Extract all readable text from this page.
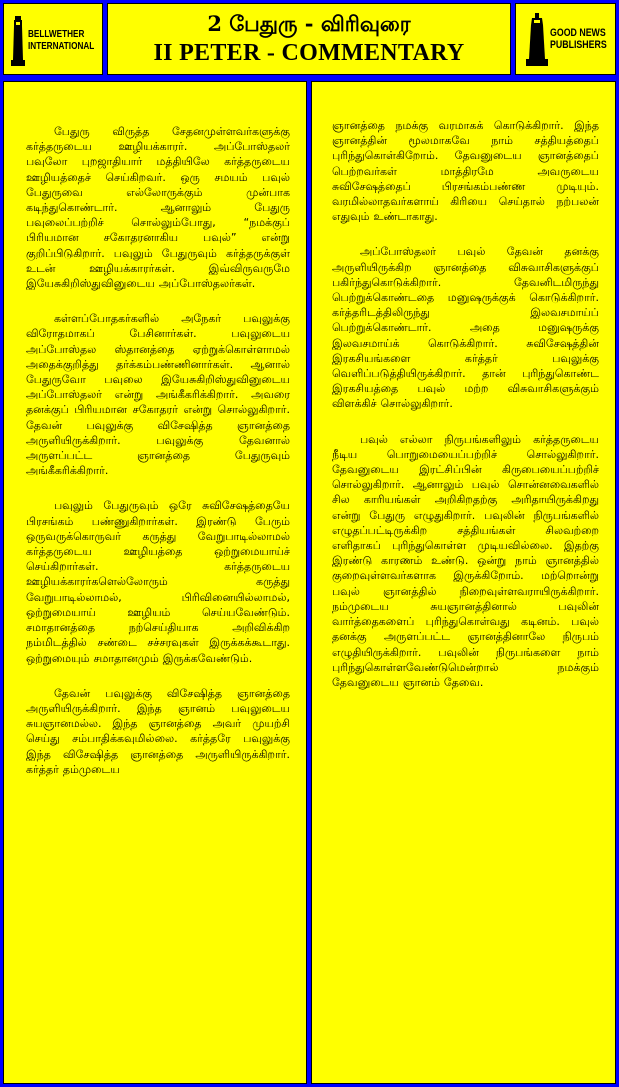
BELLWETHER
INTERNATIONAL
2 பேதுரு - விரிவுரை
II PETER - COMMENTARY
GOOD NEWS
PUBLISHERS

பேதுரு விருத்த சேதனமுள்ளவர்களுக்கு கர்த்தருடைய ஊழியக்காரர். அப்போஸ்தலர் பவுலோ புறஜாதியார் மத்தியிலே கர்த்தருடைய ஊழியத்தைச் செய்கிறவர். ஒரு சமயம் பவுல் பேதுருவை எல்லோருக்கும் முன்பாக கடிந்துகொண்டார். ஆனாலும் பேதுரு பவுலைப்பற்றிச் சொல்லும்போது, “நமக்குப் பிரியமான சகோதரனாகிய பவுல்” என்று குறிப்பிடுகிறார். பவுலும் பேதுருவும் கர்த்தருக்குள் உடன் ஊழியக்காரர்கள். இவ்விருவருமே இயேசுகிறிஸ்துவினுடைய அப்போஸ்தலர்கள்.

கள்ளப்போதகர்களில் அநேகர் பவுலுக்கு விரோதமாகப் பேசினார்கள். பவுலுடைய அப்போஸ்தல ஸ்தானத்தை ஏற்றுக்கொள்ளாமல் அதைக்குறித்து தர்க்கம்பண்ணினார்கள். ஆனால் பேதுருவோ பவுலை இயேசுகிறிஸ்துவினுடைய அப்போஸ்தலர் என்று அங்கீகரிக்கிறார். அவரை தனக்குப் பிரியமான சகோதரர் என்று சொல்லுகிறார். தேவன் பவுலுக்கு விசேஷித்த ஞானத்தை அருளியிருக்கிறார். பவுலுக்கு தேவனால் அருளப்பட்ட ஞானத்தை பேதுருவும் அங்கீகரிக்கிறார்.

பவுலும் பேதுருவும் ஒரே சுவிசேஷத்தையே பிரசங்கம் பண்ணுகிறார்கள். இரண்டு பேரும் ஒருவருக்கொருவர் கருத்து வேறுபாடில்லாமல் கர்த்தருடைய ஊழியத்தை ஒற்றுமையாய்ச் செய்கிறார்கள். கர்த்தருடைய ஊழியக்காரர்களெல்லோரும் கருத்து வேறுபாடில்லாமல், பிரிவினையில்லாமல், ஒற்றுமையாய் ஊழியம் செய்யவேண்டும். சமாதானத்தை நற்செய்தியாக அறிவிக்கிற நம்மிடத்தில் சண்டை சச்சரவுகள் இருக்கக்கூடாது. ஒற்றுமையும் சமாதானமும் இருக்கவேண்டும்.

தேவன் பவுலுக்கு விசேஷித்த ஞானத்தை அருளியிருக்கிறார். இந்த ஞானம் பவுலுடைய சுயஞானமல்ல. இந்த ஞானத்தை அவர் முயற்சி செய்து சம்பாதிக்கவுமில்லை. கர்த்தரே பவுலுக்கு இந்த விசேஷித்த ஞானத்தை அருளியிருக்கிறார். கர்த்தர் தம்முடைய

ஞானத்தை நமக்கு வரமாகக் கொடுக்கிறார். இந்த ஞானத்தின் மூலமாகவே நாம் சத்தியத்தைப் புரிந்துகொள்கிறோம். தேவனுடைய ஞானத்தைப் பெற்றவர்கள் மாத்திரமே அவருடைய சுவிசேஷத்தைப் பிரசங்கம்பண்ண முடியும். வரமில்லாதவர்களாய் கிரியை செய்தால் நற்பலன் எதுவும் உண்டாகாது.

அப்போஸ்தலர் பவுல் தேவன் தனக்கு அருளியிருக்கிற ஞானத்தை விசுவாசிகளுக்குப் பகிர்ந்துகொடுக்கிறார். தேவனிடமிருந்து பெற்றுக்கொண்டதை மனுஷருக்குக் கொடுக்கிறார். கர்த்தரிடத்திலிருந்து இலவசமாய்ப் பெற்றுக்கொண்டார். அதை மனுஷருக்கு இலவசமாய்க் கொடுக்கிறார். சுவிசேஷத்தின் இரகசியங்களை கர்த்தர் பவுலுக்கு வெளிப்படுத்தியிருக்கிறார். தான் புரிந்துகொண்ட இரகசியத்தை பவுல் மற்ற விசுவாசிகளுக்கும் விளக்கிச் சொல்லுகிறார்.

பவுல் எல்லா நிருபங்களிலும் கர்த்தருடைய நீடிய பொறுமையைப்பற்றிச் சொல்லுகிறார். தேவனுடைய இரட்சிப்பின் கிருபையைப்பற்றிச் சொல்லுகிறார். ஆனாலும் பவுல் சொன்னவைகளில் சில காரியங்கள் அறிகிறதற்கு அரிதாயிருக்கிறது என்று பேதுரு எழுதுகிறார். பவுலின் நிருபங்களில் எழுதப்பட்டிருக்கிற சத்தியங்கள் சிலவற்றை எளிதாகப் புரிந்துகொள்ள முடியவில்லை. இதற்கு இரண்டு காரணம் உண்டு. ஒன்று நாம் ஞானத்தில் குறைவுள்ளவர்களாக இருக்கிறோம். மற்றொன்று பவுல் ஞானத்தில் நிறைவுள்ளவராயிருக்கிறார். நம்முடைய சுயஞானத்தினால் பவுலின் வார்த்தைகளைப் புரிந்துகொள்வது கடினம். பவுல் தனக்கு அருளப்பட்ட ஞானத்தினாலே நிருபம் எழுதியிருக்கிறார். பவுலின் நிருபங்களை நாம் புரிந்துகொள்ளவேண்டுமென்றால் நமக்கும் தேவனுடைய ஞானம் தேவை.
